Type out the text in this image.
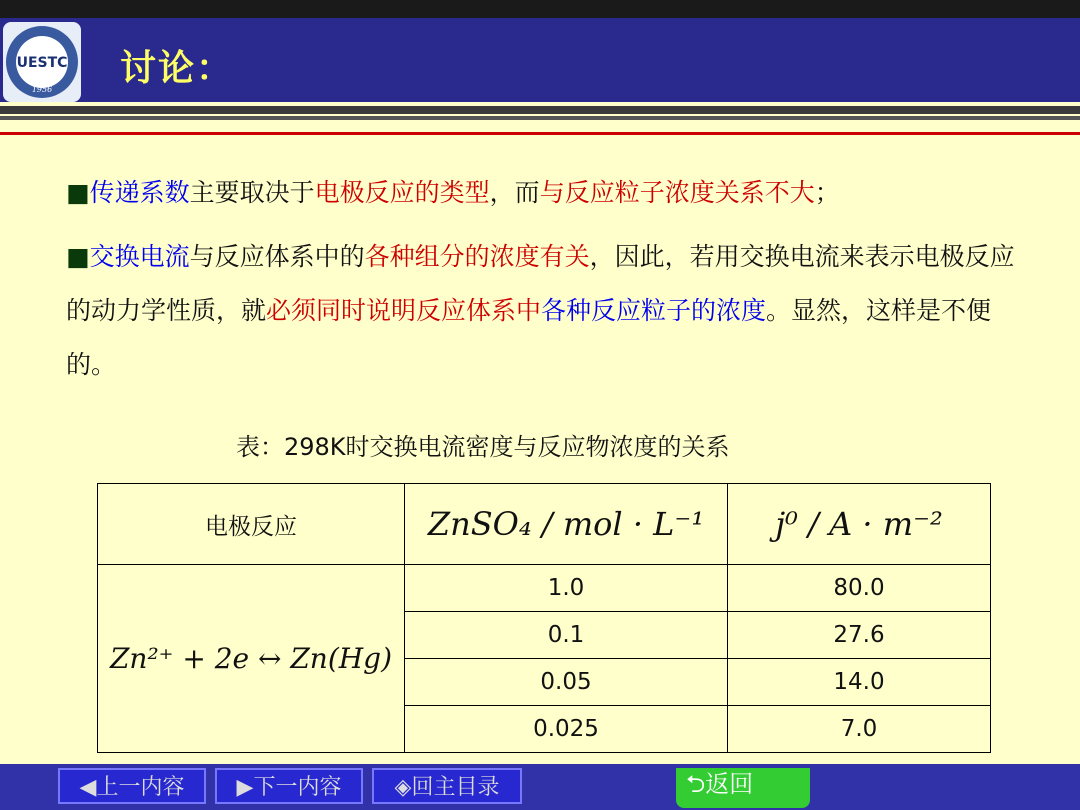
UESTC
1956
讨论：
■传递系数主要取决于电极反应的类型，而与反应粒子浓度关系不大；
■交换电流与反应体系中的各种组分的浓度有关，因此，若用交换电流来表示电极反应的动力学性质，就必须同时说明反应体系中各种反应粒子的浓度。显然，这样是不便的。
表：298K时交换电流密度与反应物浓度的关系
电极反应	ZnSO₄ / mol · L⁻¹	j⁰ / A · m⁻²
Zn²⁺ + 2e ↔ Zn(Hg)	1.0	80.0
	0.1	27.6
	0.05	14.0
	0.025	7.0
◀上一内容	▶下一内容	◈回主目录	⮌返回
